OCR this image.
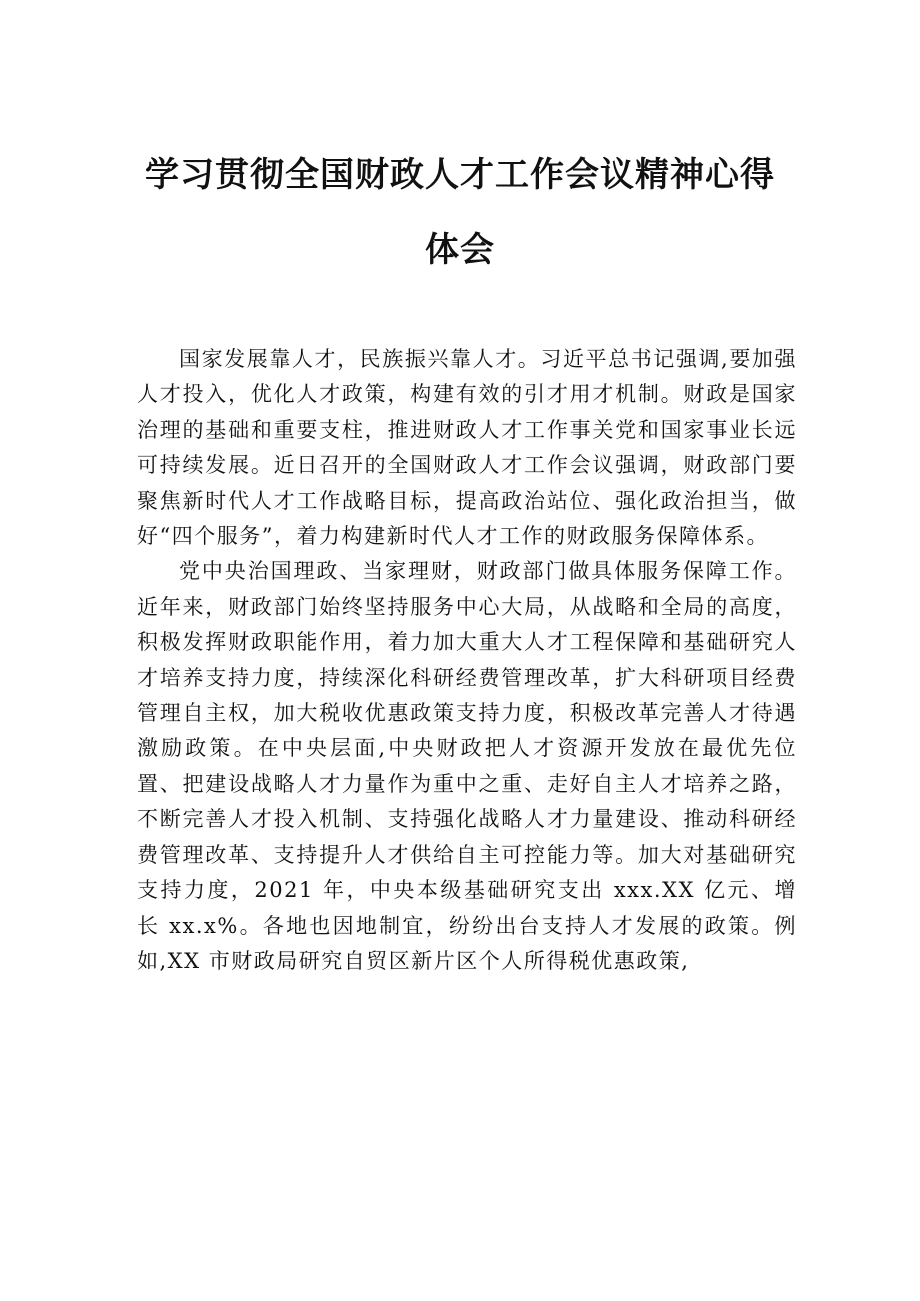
学习贯彻全国财政人才工作会议精神心得
体会

国家发展靠人才，民族振兴靠人才。习近平总书记强调,要加强人才投入，优化人才政策，构建有效的引才用才机制。财政是国家治理的基础和重要支柱，推进财政人才工作事关党和国家事业长远可持续发展。近日召开的全国财政人才工作会议强调，财政部门要聚焦新时代人才工作战略目标，提高政治站位、强化政治担当，做好“四个服务”，着力构建新时代人才工作的财政服务保障体系。

党中央治国理政、当家理财，财政部门做具体服务保障工作。近年来，财政部门始终坚持服务中心大局，从战略和全局的高度，积极发挥财政职能作用，着力加大重大人才工程保障和基础研究人才培养支持力度，持续深化科研经费管理改革，扩大科研项目经费管理自主权，加大税收优惠政策支持力度，积极改革完善人才待遇激励政策。在中央层面,中央财政把人才资源开发放在最优先位置、把建设战略人才力量作为重中之重、走好自主人才培养之路，不断完善人才投入机制、支持强化战略人才力量建设、推动科研经费管理改革、支持提升人才供给自主可控能力等。加大对基础研究支持力度，2021 年，中央本级基础研究支出 xxx.XX 亿元、增长 xx.x%。各地也因地制宜，纷纷出台支持人才发展的政策。例如,XX 市财政局研究自贸区新片区个人所得税优惠政策,
